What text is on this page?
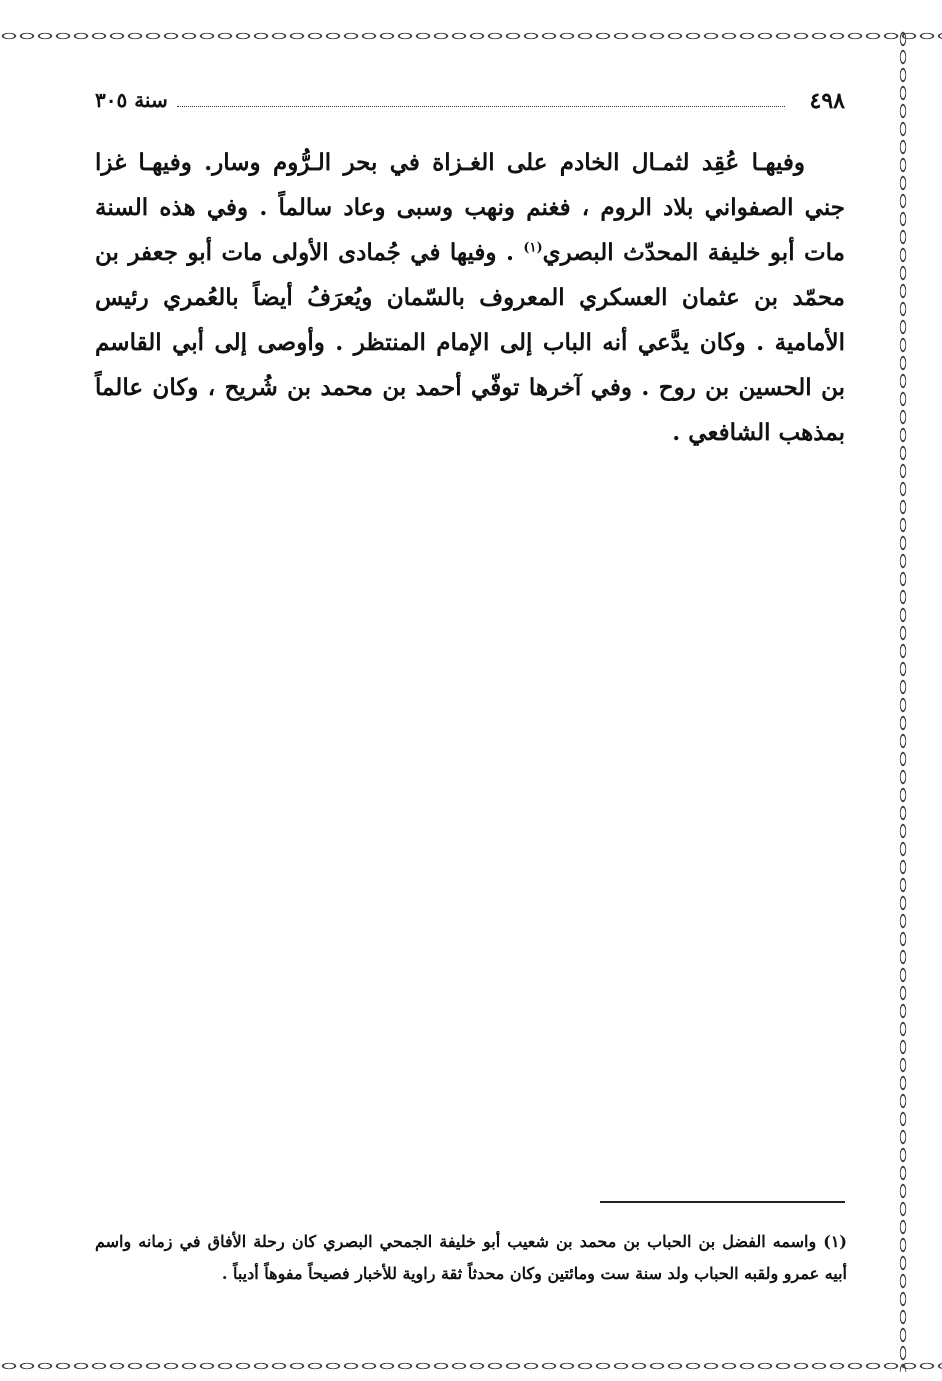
٤٩٨
سنة ٣٠٥

وفيهـا عُقِد لثمـال الخادم على الغـزاة في بحر الـرُّوم وسار. وفيهـا غزا جني الصفواني بلاد الروم ، فغنم ونهب وسبى وعاد سالماً . وفي هذه السنة مات أبو خليفة المحدّث البصري$^{(١)}$ . وفيها في جُمادى الأولى مات أبو جعفر بن محمّد بن عثمان العسكري المعروف بالسّمان ويُعرَفُ أيضاً بالعُمري رئيس الأمامية . وكان يدَّعي أنه الباب إلى الإمام المنتظر . وأوصى إلى أبي القاسم بن الحسين بن روح . وفي آخرها توفّي أحمد بن محمد بن شُريح ، وكان عالماً بمذهب الشافعي .

(١) واسمه الفضل بن الحباب بن محمد بن شعيب أبو خليفة الجمحي البصري كان رحلة الأفاق في زمانه واسم أبيه عمرو ولقبه الحباب ولد سنة ست ومائتين وكان محدثاً ثقة راوية للأخبار فصيحاً مفوهاً أديباً .
